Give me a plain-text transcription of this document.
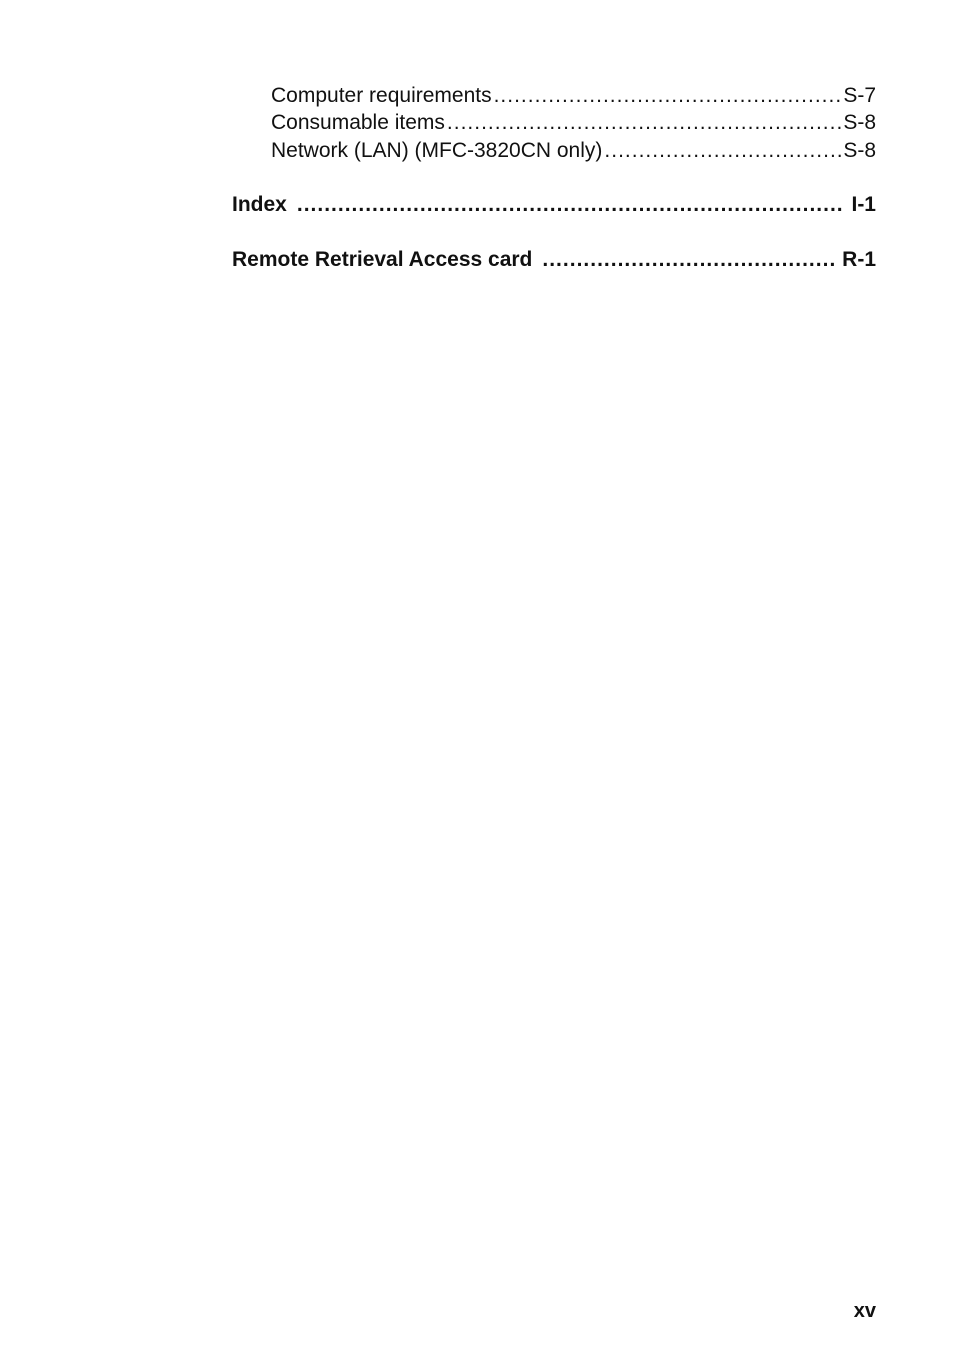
Computer requirements .....	S-7
Consumable items .....	S-8
Network (LAN) (MFC-3820CN only) .....	S-8
Index .....	I-1
Remote Retrieval Access card .....	R-1
xv
